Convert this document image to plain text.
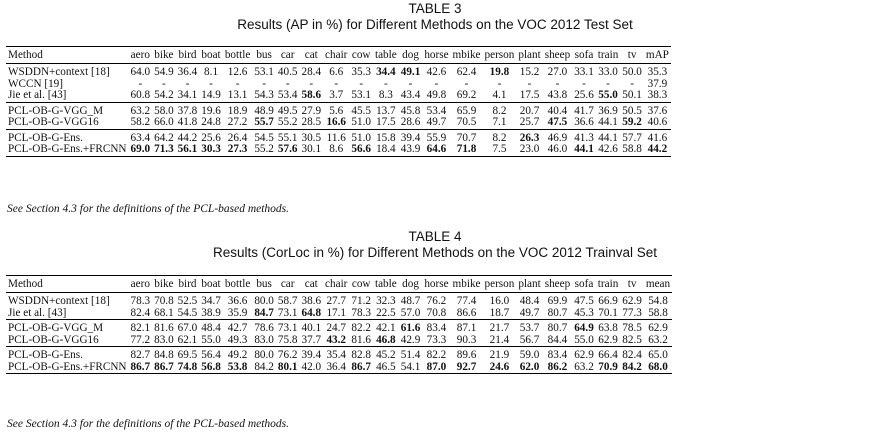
TABLE 3
Results (AP in %) for Different Methods on the VOC 2012 Test Set
Method	aero	bike	bird	boat	bottle	bus	car	cat	chair	cow	table	dog	horse	mbike	person	plant	sheep	sofa	train	tv	mAP
WSDDN+context [18]	64.0	54.9	36.4	8.1	12.6	53.1	40.5	28.4	6.6	35.3	34.4	49.1	42.6	62.4	19.8	15.2	27.0	33.1	33.0	50.0	35.3
WCCN [19]	-	-	-	-	-	-	-	-	-	-	-	-	-	-	-	-	-	-	-	-	37.9
Jie et al. [43]	60.8	54.2	34.1	14.9	13.1	54.3	53.4	58.6	3.7	53.1	8.3	43.4	49.8	69.2	4.1	17.5	43.8	25.6	55.0	50.1	38.3
PCL-OB-G-VGG_M	63.2	58.0	37.8	19.6	18.9	48.9	49.5	27.9	5.6	45.5	13.7	45.8	53.4	65.9	8.2	20.7	40.4	41.7	36.9	50.5	37.6
PCL-OB-G-VGG16	58.2	66.0	41.8	24.8	27.2	55.7	55.2	28.5	16.6	51.0	17.5	28.6	49.7	70.5	7.1	25.7	47.5	36.6	44.1	59.2	40.6
PCL-OB-G-Ens.	63.4	64.2	44.2	25.6	26.4	54.5	55.1	30.5	11.6	51.0	15.8	39.4	55.9	70.7	8.2	26.3	46.9	41.3	44.1	57.7	41.6
PCL-OB-G-Ens.+FRCNN	69.0	71.3	56.1	30.3	27.3	55.2	57.6	30.1	8.6	56.6	18.4	43.9	64.6	71.8	7.5	23.0	46.0	44.1	42.6	58.8	44.2
See Section 4.3 for the definitions of the PCL-based methods.
TABLE 4
Results (CorLoc in %) for Different Methods on the VOC 2012 Trainval Set
Method	aero	bike	bird	boat	bottle	bus	car	cat	chair	cow	table	dog	horse	mbike	person	plant	sheep	sofa	train	tv	mean
WSDDN+context [18]	78.3	70.8	52.5	34.7	36.6	80.0	58.7	38.6	27.7	71.2	32.3	48.7	76.2	77.4	16.0	48.4	69.9	47.5	66.9	62.9	54.8
Jie et al. [43]	82.4	68.1	54.5	38.9	35.9	84.7	73.1	64.8	17.1	78.3	22.5	57.0	70.8	86.6	18.7	49.7	80.7	45.3	70.1	77.3	58.8
PCL-OB-G-VGG_M	82.1	81.6	67.0	48.4	42.7	78.6	73.1	40.1	24.7	82.2	42.1	61.6	83.4	87.1	21.7	53.7	80.7	64.9	63.8	78.5	62.9
PCL-OB-G-VGG16	77.2	83.0	62.1	55.0	49.3	83.0	75.8	37.7	43.2	81.6	46.8	42.9	73.3	90.3	21.4	56.7	84.4	55.0	62.9	82.5	63.2
PCL-OB-G-Ens.	82.7	84.8	69.5	56.4	49.2	80.0	76.2	39.4	35.4	82.8	45.2	51.4	82.2	89.6	21.9	59.0	83.4	62.9	66.4	82.4	65.0
PCL-OB-G-Ens.+FRCNN	86.7	86.7	74.8	56.8	53.8	84.2	80.1	42.0	36.4	86.7	46.5	54.1	87.0	92.7	24.6	62.0	86.2	63.2	70.9	84.2	68.0
See Section 4.3 for the definitions of the PCL-based methods.
